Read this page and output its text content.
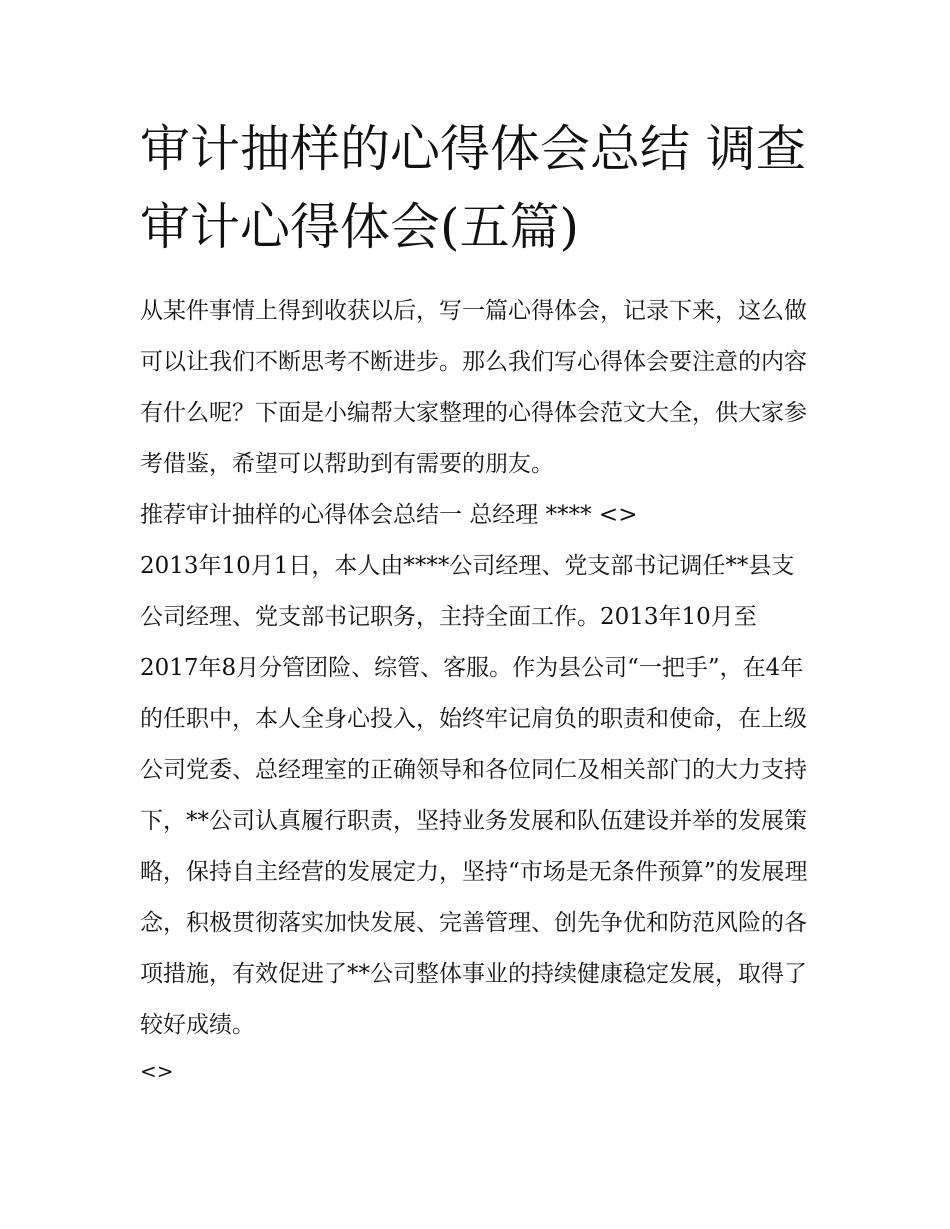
审计抽样的心得体会总结 调查审计心得体会(五篇)

从某件事情上得到收获以后，写一篇心得体会，记录下来，这么做可以让我们不断思考不断进步。那么我们写心得体会要注意的内容有什么呢？下面是小编帮大家整理的心得体会范文大全，供大家参考借鉴，希望可以帮助到有需要的朋友。

推荐审计抽样的心得体会总结一 总经理 **** <>

2013年10月1日，本人由****公司经理、党支部书记调任**县支公司经理、党支部书记职务，主持全面工作。2013年10月至2017年8月分管团险、综管、客服。作为县公司“一把手”，在4年的任职中，本人全身心投入，始终牢记肩负的职责和使命，在上级公司党委、总经理室的正确领导和各位同仁及相关部门的大力支持下，**公司认真履行职责，坚持业务发展和队伍建设并举的发展策略，保持自主经营的发展定力，坚持“市场是无条件预算”的发展理念，积极贯彻落实加快发展、完善管理、创先争优和防范风险的各项措施，有效促进了**公司整体事业的持续健康稳定发展，取得了较好成绩。

<>
